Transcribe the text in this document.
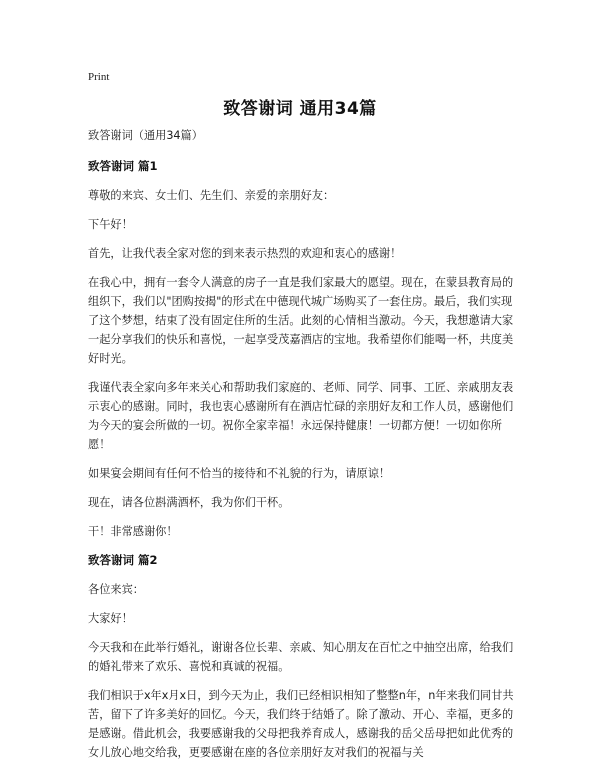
Print
致答谢词 通用34篇

致答谢词（通用34篇）

致答谢词 篇1

尊敬的来宾、女士们、先生们、亲爱的亲朋好友：

下午好！

首先，让我代表全家对您的到来表示热烈的欢迎和衷心的感谢！

在我心中，拥有一套令人满意的房子一直是我们家最大的愿望。现在，在蒙县教育局的组织下，我们以"团购按揭"的形式在中德现代城广场购买了一套住房。最后，我们实现了这个梦想，结束了没有固定住所的生活。此刻的心情相当激动。今天，我想邀请大家一起分享我们的快乐和喜悦，一起享受茂嘉酒店的宝地。我希望你们能喝一杯，共度美好时光。

我谨代表全家向多年来关心和帮助我们家庭的、老师、同学、同事、工匠、亲戚朋友表示衷心的感谢。同时，我也衷心感谢所有在酒店忙碌的亲朋好友和工作人员，感谢他们为今天的宴会所做的一切。祝你全家幸福！永远保持健康！一切都方便！一切如你所愿！

如果宴会期间有任何不恰当的接待和不礼貌的行为，请原谅！

现在，请各位斟满酒杯，我为你们干杯。

干！非常感谢你！

致答谢词 篇2

各位来宾：

大家好！

今天我和在此举行婚礼，谢谢各位长辈、亲戚、知心朋友在百忙之中抽空出席，给我们的婚礼带来了欢乐、喜悦和真诚的祝福。

我们相识于x年x月x日，到今天为止，我们已经相识相知了整整n年，n年来我们同甘共苦，留下了许多美好的回忆。今天，我们终于结婚了。除了激动、开心、幸福，更多的是感谢。借此机会，我要感谢我的父母把我养育成人，感谢我的岳父岳母把如此优秀的女儿放心地交给我，更要感谢在座的各位亲朋好友对我们的祝福与关
